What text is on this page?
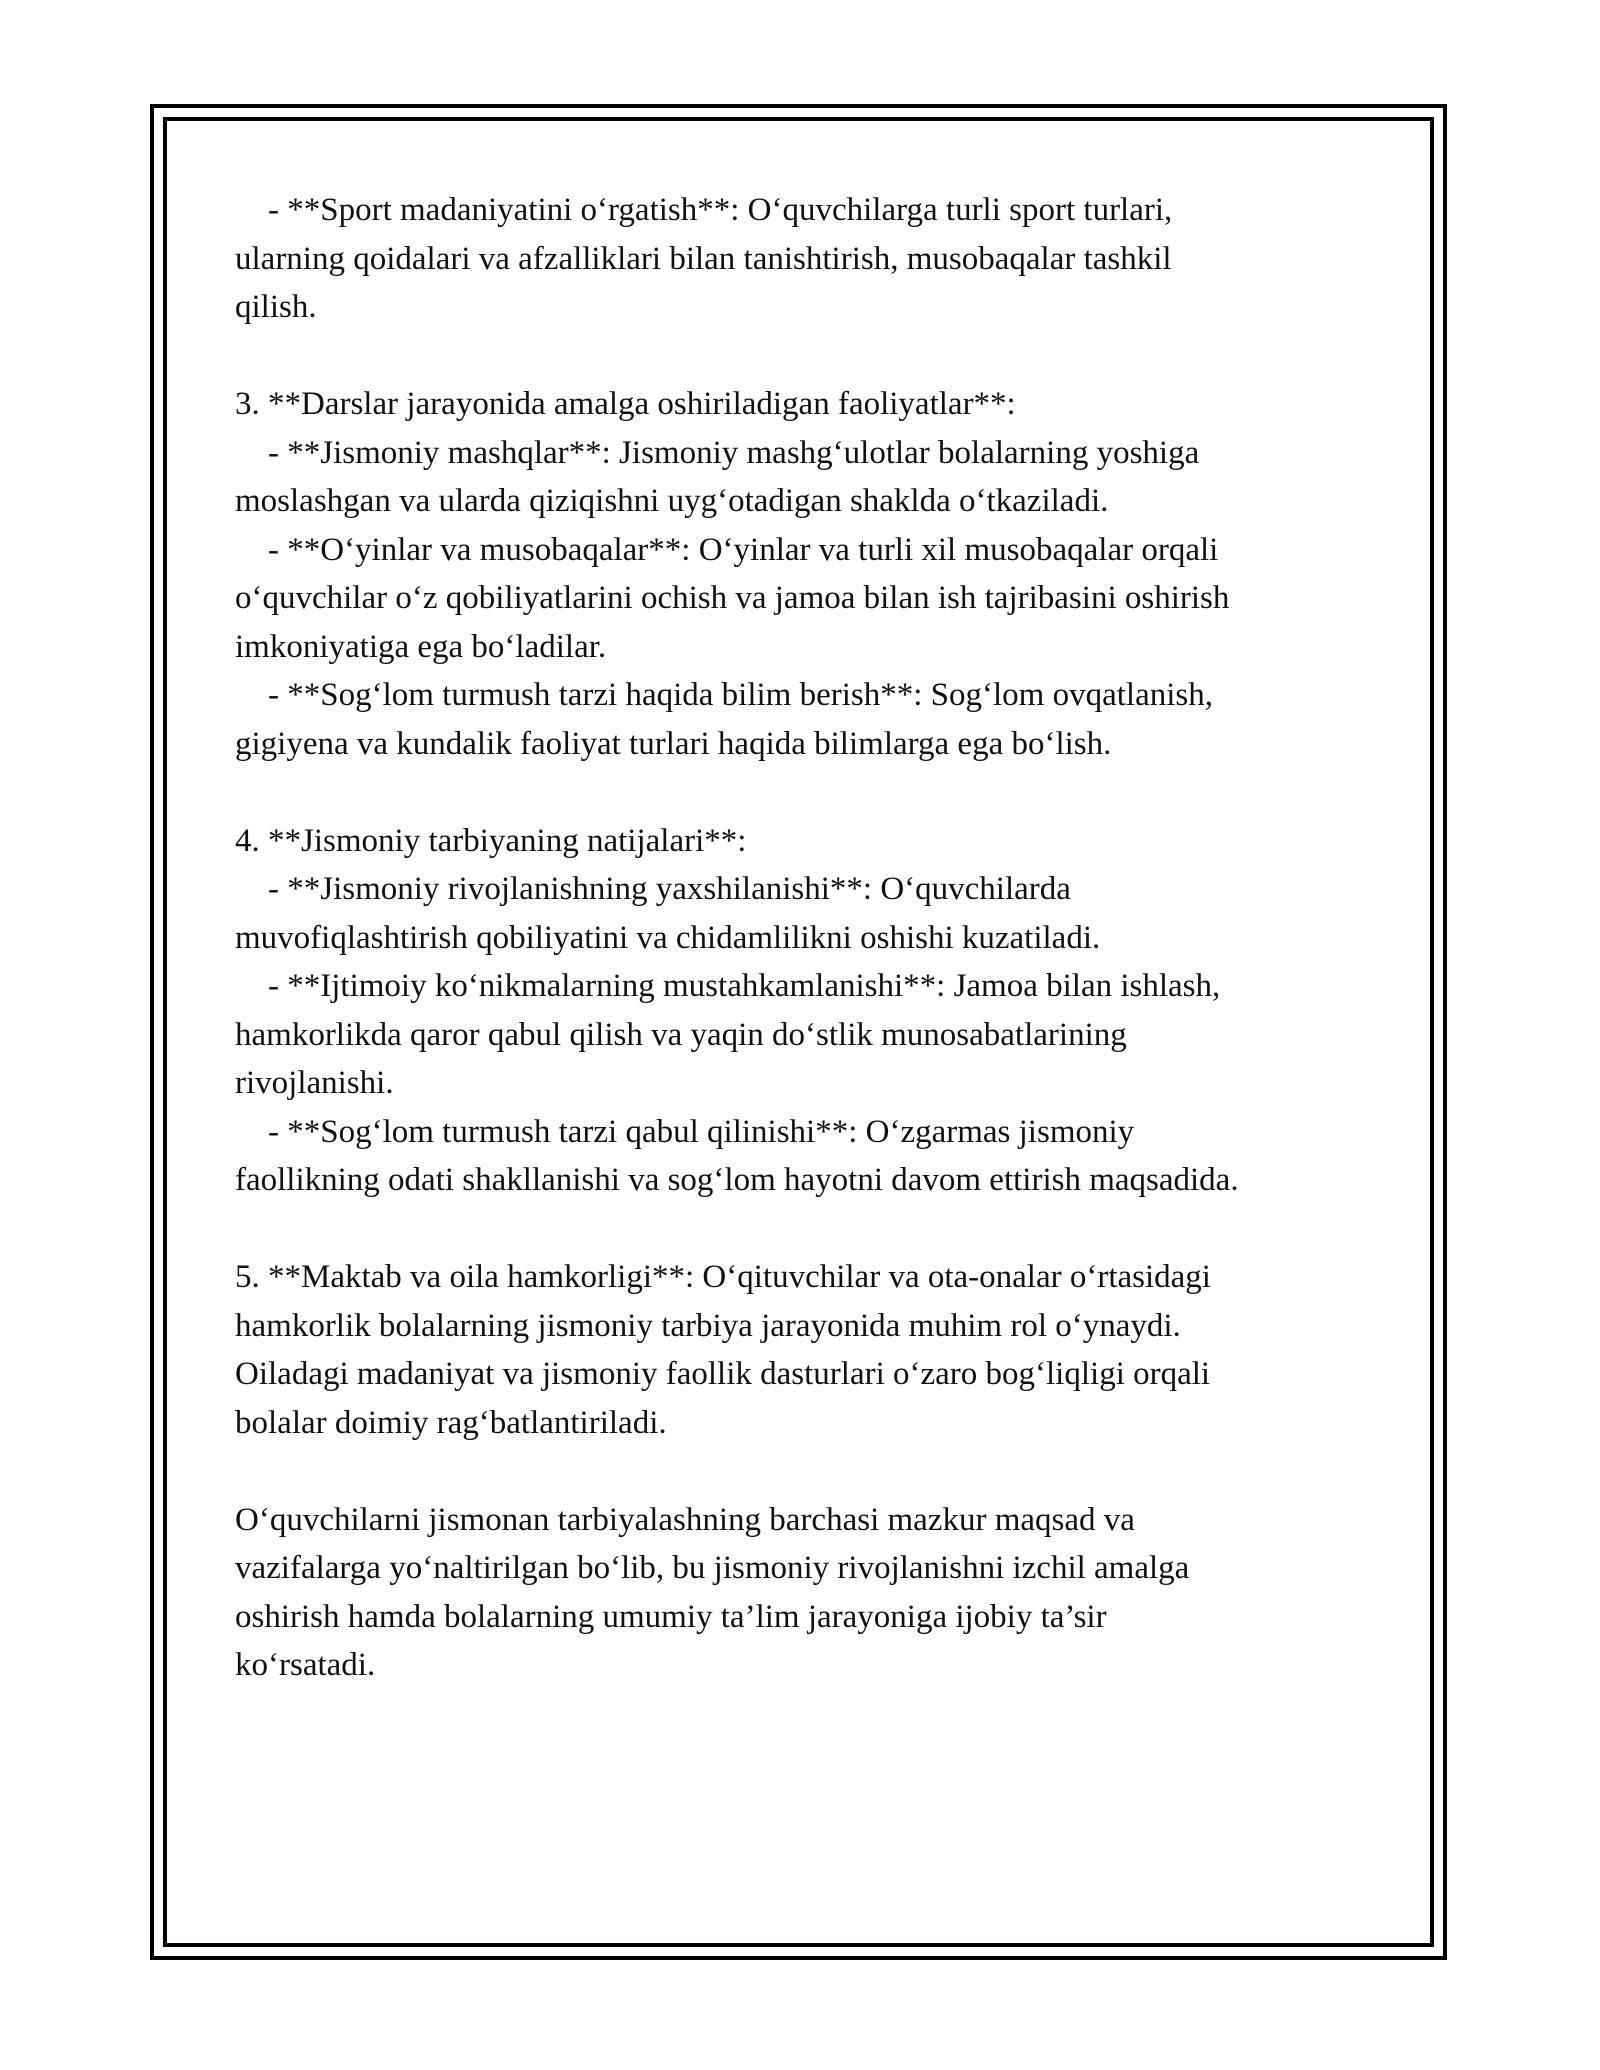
- **Sport madaniyatini o‘rgatish**: O‘quvchilarga turli sport turlari,
ularning qoidalari va afzalliklari bilan tanishtirish, musobaqalar tashkil
qilish.
3. **Darslar jarayonida amalga oshiriladigan faoliyatlar**:
- **Jismoniy mashqlar**: Jismoniy mashg‘ulotlar bolalarning yoshiga
moslashgan va ularda qiziqishni uyg‘otadigan shaklda o‘tkaziladi.
- **O‘yinlar va musobaqalar**: O‘yinlar va turli xil musobaqalar orqali
o‘quvchilar o‘z qobiliyatlarini ochish va jamoa bilan ish tajribasini oshirish
imkoniyatiga ega bo‘ladilar.
- **Sog‘lom turmush tarzi haqida bilim berish**: Sog‘lom ovqatlanish,
gigiyena va kundalik faoliyat turlari haqida bilimlarga ega bo‘lish.
4. **Jismoniy tarbiyaning natijalari**:
- **Jismoniy rivojlanishning yaxshilanishi**: O‘quvchilarda
muvofiqlashtirish qobiliyatini va chidamlilikni oshishi kuzatiladi.
- **Ijtimoiy ko‘nikmalarning mustahkamlanishi**: Jamoa bilan ishlash,
hamkorlikda qaror qabul qilish va yaqin do‘stlik munosabatlarining
rivojlanishi.
- **Sog‘lom turmush tarzi qabul qilinishi**: O‘zgarmas jismoniy
faollikning odati shakllanishi va sog‘lom hayotni davom ettirish maqsadida.
5. **Maktab va oila hamkorligi**: O‘qituvchilar va ota-onalar o‘rtasidagi
hamkorlik bolalarning jismoniy tarbiya jarayonida muhim rol o‘ynaydi.
Oiladagi madaniyat va jismoniy faollik dasturlari o‘zaro bog‘liqligi orqali
bolalar doimiy rag‘batlantiriladi.
O‘quvchilarni jismonan tarbiyalashning barchasi mazkur maqsad va
vazifalarga yo‘naltirilgan bo‘lib, bu jismoniy rivojlanishni izchil amalga
oshirish hamda bolalarning umumiy ta’lim jarayoniga ijobiy ta’sir
ko‘rsatadi.
